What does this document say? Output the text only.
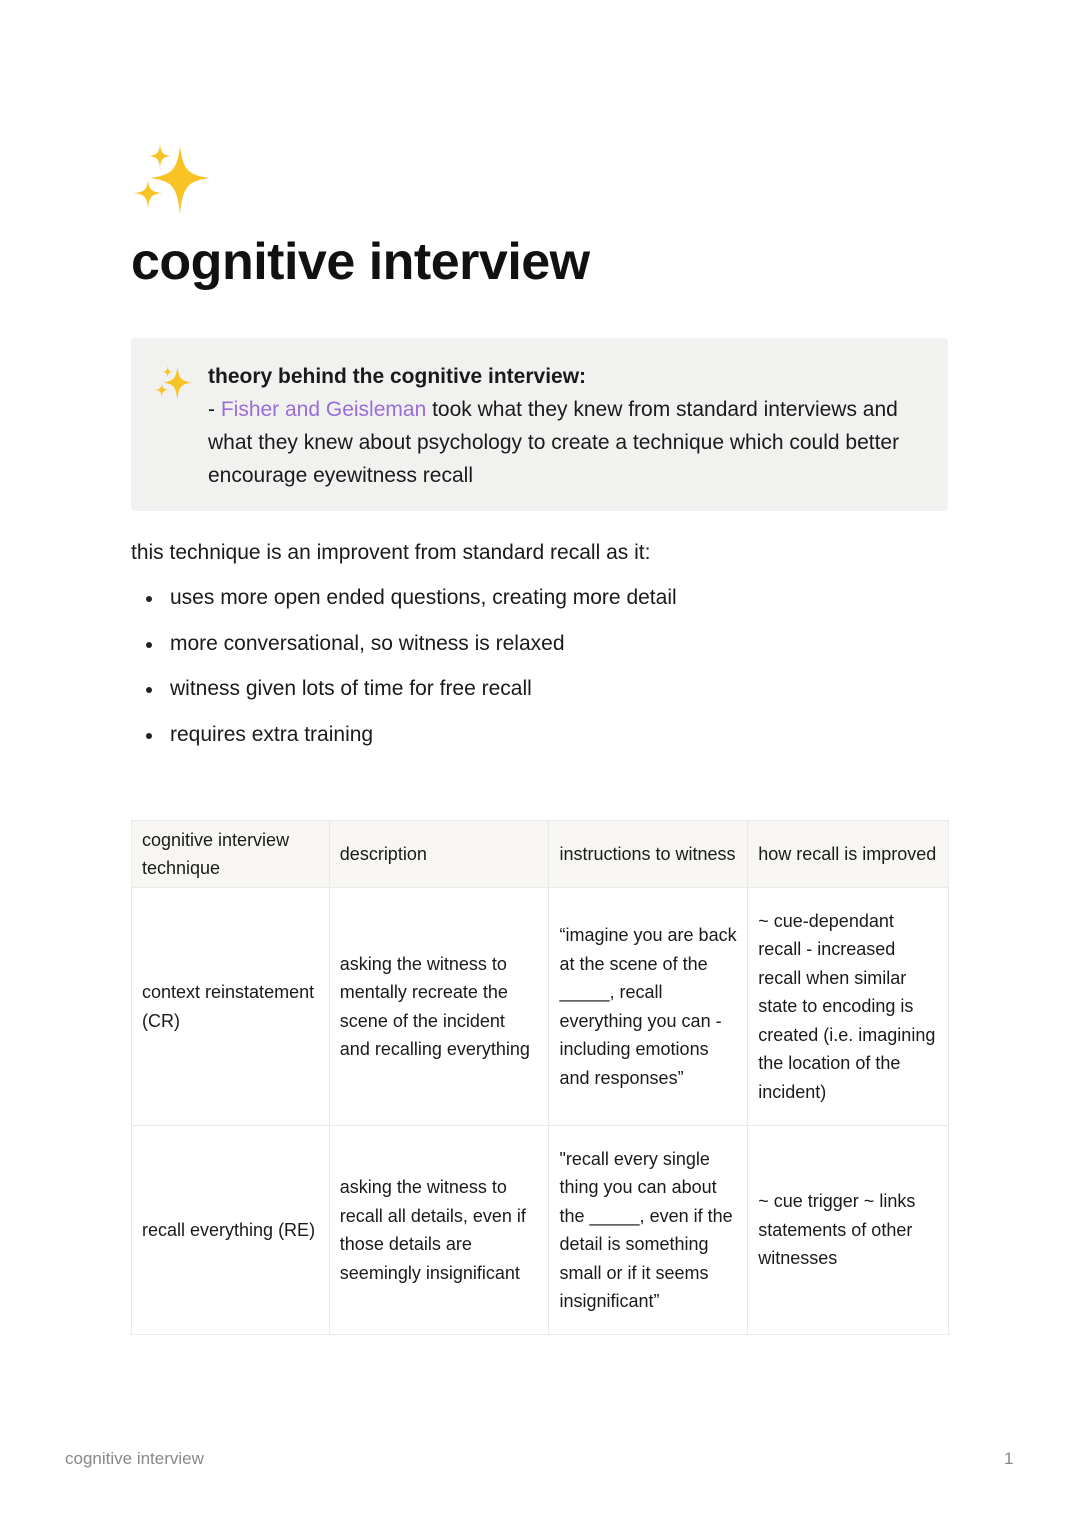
cognitive interview
theory behind the cognitive interview:
- Fisher and Geisleman took what they knew from standard interviews and what they knew about psychology to create a technique which could better encourage eyewitness recall
this technique is an improvent from standard recall as it:
uses more open ended questions, creating more detail
more conversational, so witness is relaxed
witness given lots of time for free recall
requires extra training
cognitive interview technique	description	instructions to witness	how recall is improved
context reinstatement (CR)	asking the witness to mentally recreate the scene of the incident and recalling everything	“imagine you are back at the scene of the _____, recall everything you can - including emotions and responses”	~ cue-dependant recall - increased recall when similar state to encoding is created (i.e. imagining the location of the incident)
recall everything (RE)	asking the witness to recall all details, even if those details are seemingly insignificant	"recall every single thing you can about the _____, even if the detail is something small or if it seems insignificant”	~ cue trigger ~ links statements of other witnesses
cognitive interview	1
